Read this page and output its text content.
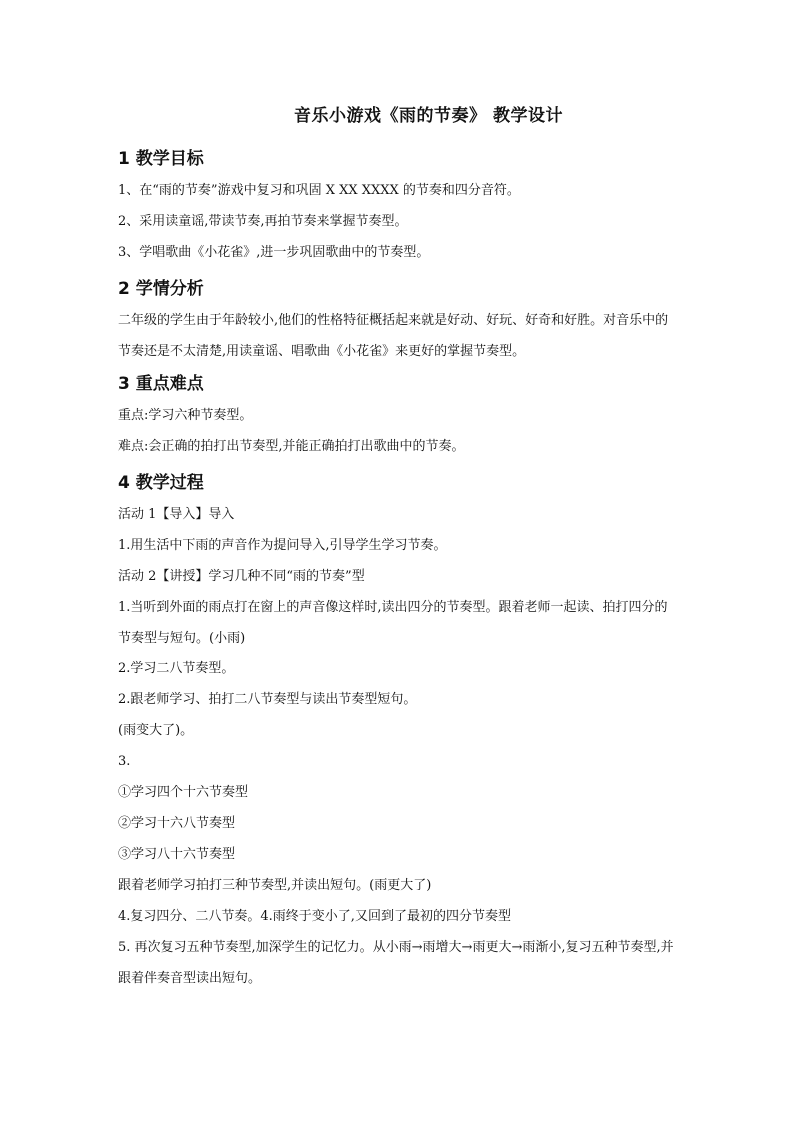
音乐小游戏《雨的节奏》 教学设计
1 教学目标
1、在“雨的节奏”游戏中复习和巩固 X XX XXXX 的节奏和四分音符。
2、采用读童谣,带读节奏,再拍节奏来掌握节奏型。
3、学唱歌曲《小花雀》,进一步巩固歌曲中的节奏型。
2 学情分析
二年级的学生由于年龄较小,他们的性格特征概括起来就是好动、好玩、好奇和好胜。对音乐中的节奏还是不太清楚,用读童谣、唱歌曲《小花雀》来更好的掌握节奏型。
3 重点难点
重点:学习六种节奏型。
难点:会正确的拍打出节奏型,并能正确拍打出歌曲中的节奏。
4 教学过程
活动 1【导入】导入
1.用生活中下雨的声音作为提问导入,引导学生学习节奏。
活动 2【讲授】学习几种不同“雨的节奏”型
1.当听到外面的雨点打在窗上的声音像这样时,读出四分的节奏型。跟着老师一起读、拍打四分的节奏型与短句。(小雨)
2.学习二八节奏型。
2.跟老师学习、拍打二八节奏型与读出节奏型短句。
(雨变大了)。
3.
①学习四个十六节奏型
②学习十六八节奏型
③学习八十六节奏型
跟着老师学习拍打三种节奏型,并读出短句。(雨更大了)
4.复习四分、二八节奏。4.雨终于变小了,又回到了最初的四分节奏型
5. 再次复习五种节奏型,加深学生的记忆力。从小雨→雨增大→雨更大→雨渐小,复习五种节奏型,并跟着伴奏音型读出短句。
